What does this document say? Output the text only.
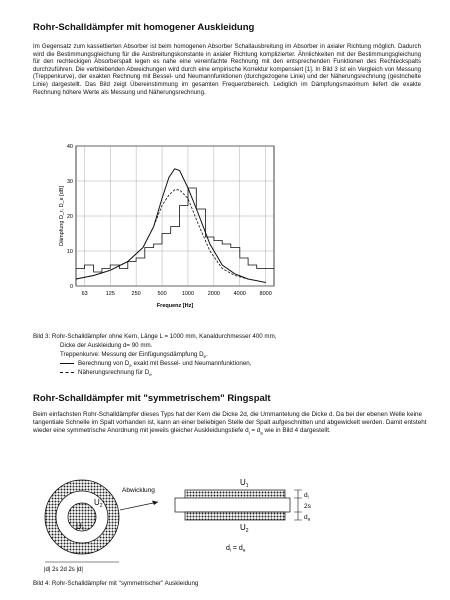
Rohr-Schalldämpfer mit homogener Auskleidung
Im Gegensatz zum kassettierten Absorber ist beim homogenen Absorber Schallausbreitung im Absorber in axialer Richtung möglich. Dadurch wird die Bestimmungsgleichung für die Ausbreitungskonstante in axialer Richtung komplizierter. Ähnlichkeiten mit der Bestimmungsgleichung für den rechteckigen Absorberspalt legen es nahe eine vereinfachte Rechnung mit den entsprechenden Funktionen des Rechteckspalts durchzuführen. Die verbleibenden Abweichungen wird durch eine empirische Korrektur kompensiert [1]. In Bild 3 ist ein Vergleich von Messung (Treppenkurve), der exakten Rechnung mit Bessel- und Neumannfunktionen (durchgezogene Linie) und der Näherungsrechnung (gestrichelte Linie) dargestellt. Das Bild zeigt Übereinstimmung im gesamten Frequenzbereich. Lediglich im Dämpfungsmaximum liefert die exakte Rechnung höhere Werte als Messung und Näherungsrechnung.
0
10
20
30
40
63	125	250	500	1000 2000 4000 8000
Frequenz [Hz]
Dämpfung D_r, D_e [dB]
Bild 3: Rohr-Schalldämpfer ohne Kern, Länge L = 1000 mm, Kanaldurchmesser 400 mm,
Dicke der Auskleidung d= 90 mm.
Treppenkurve: Messung der Einfügungsdämpfung $D_e$.
Berechnung von $D_e$ exakt mit Bessel- und Neumannfunktionen,
Näherungsrechnung für $D_e$
Rohr-Schalldämpfer mit "symmetrischem" Ringspalt
Beim einfachsten Rohr-Schalldämpfer dieses Typs hat der Kern die Dicke 2d, die Ummantelung die Dicke d. Da bei der ebenen Welle keine tangentiale Schnelle im Spalt vorhanden ist, kann an einer beliebigen Stelle der Spalt aufgeschnitten und abgewickelt werden. Damit entsteht wieder eine symmetrische Anordnung mit jeweils gleicher Auskleidungstiefe $d_i = d_a$ wie in Bild 4 dargestellt.
$U_2$
$U_1$
|d| 2s 2d 2s |d|
Abwicklung
$U_1$
$U_2$
$d_i$
2s
$d_a$
$d_i = d_a$
Bild 4: Rohr-Schalldämpfer mit "symmetrischer" Auskleidung
